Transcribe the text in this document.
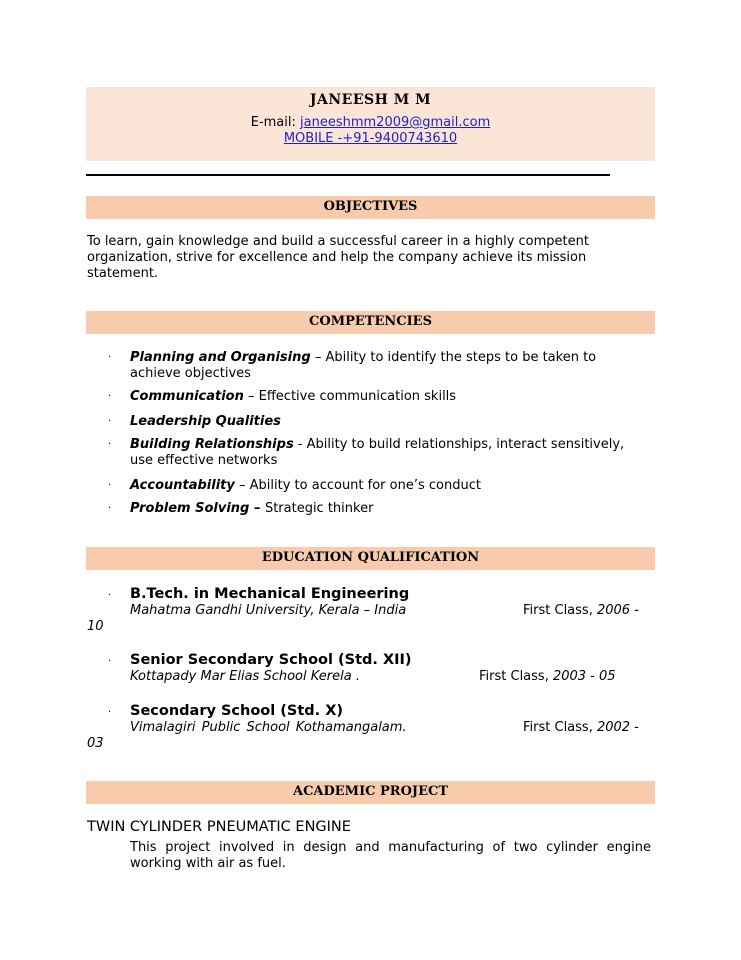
JANEESH M M
E-mail: janeeshmm2009@gmail.com
MOBILE -+91-9400743610
OBJECTIVES
To learn, gain knowledge and build a successful career in a highly competent
organization, strive for excellence and help the company achieve its mission
statement.
COMPETENCIES
· Planning and Organising – Ability to identify the steps to be taken to
achieve objectives
· Communication – Effective communication skills
· Leadership Qualities
· Building Relationships - Ability to build relationships, interact sensitively,
use effective networks
· Accountability – Ability to account for one’s conduct
· Problem Solving – Strategic thinker
EDUCATION QUALIFICATION
· B.Tech. in Mechanical Engineering
Mahatma Gandhi University, Kerala – India	First Class, 2006 -
10
· Senior Secondary School (Std. XII)
Kottapady Mar Elias School Kerela .	First Class, 2003 - 05
· Secondary School (Std. X)
Vimalagiri Public School Kothamangalam.	First Class, 2002 -
03
ACADEMIC PROJECT
TWIN CYLINDER PNEUMATIC ENGINE
This project involved in design and manufacturing of two cylinder engine
working with air as fuel.
